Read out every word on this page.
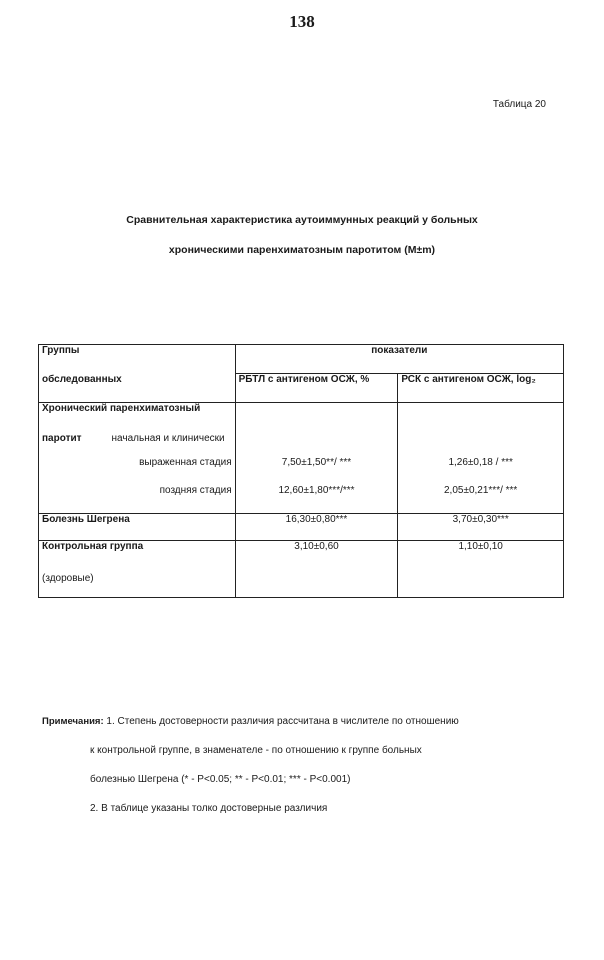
138
Таблица 20
Сравнительная характеристика аутоиммунных реакций у больных
хроническими паренхиматозным паротитом (M±m)
Группы	показатели	
обследованных	РБТЛ с антигеном ОСЖ, %	РСК с антигеном ОСЖ, log₂
Хронический паренхиматозный		
паротит начальная и клинически		
выраженная стадия	7,50±1,50**/ ***	1,26±0,18 / ***
поздняя стадия	12,60±1,80***/***	2,05±0,21***/ ***
Болезнь Шегрена	16,30±0,80***	3,70±0,30***
Контрольная группа	3,10±0,60	1,10±0,10
(здоровые)		
Примечания: 1. Степень достоверности различия рассчитана в числителе по отношению
к контрольной группе, в знаменателе - по отношению к группе больных
болезнью Шегрена (* - P<0.05; ** - P<0.01; *** - P<0.001)
2. В таблице указаны толко достоверные различия
